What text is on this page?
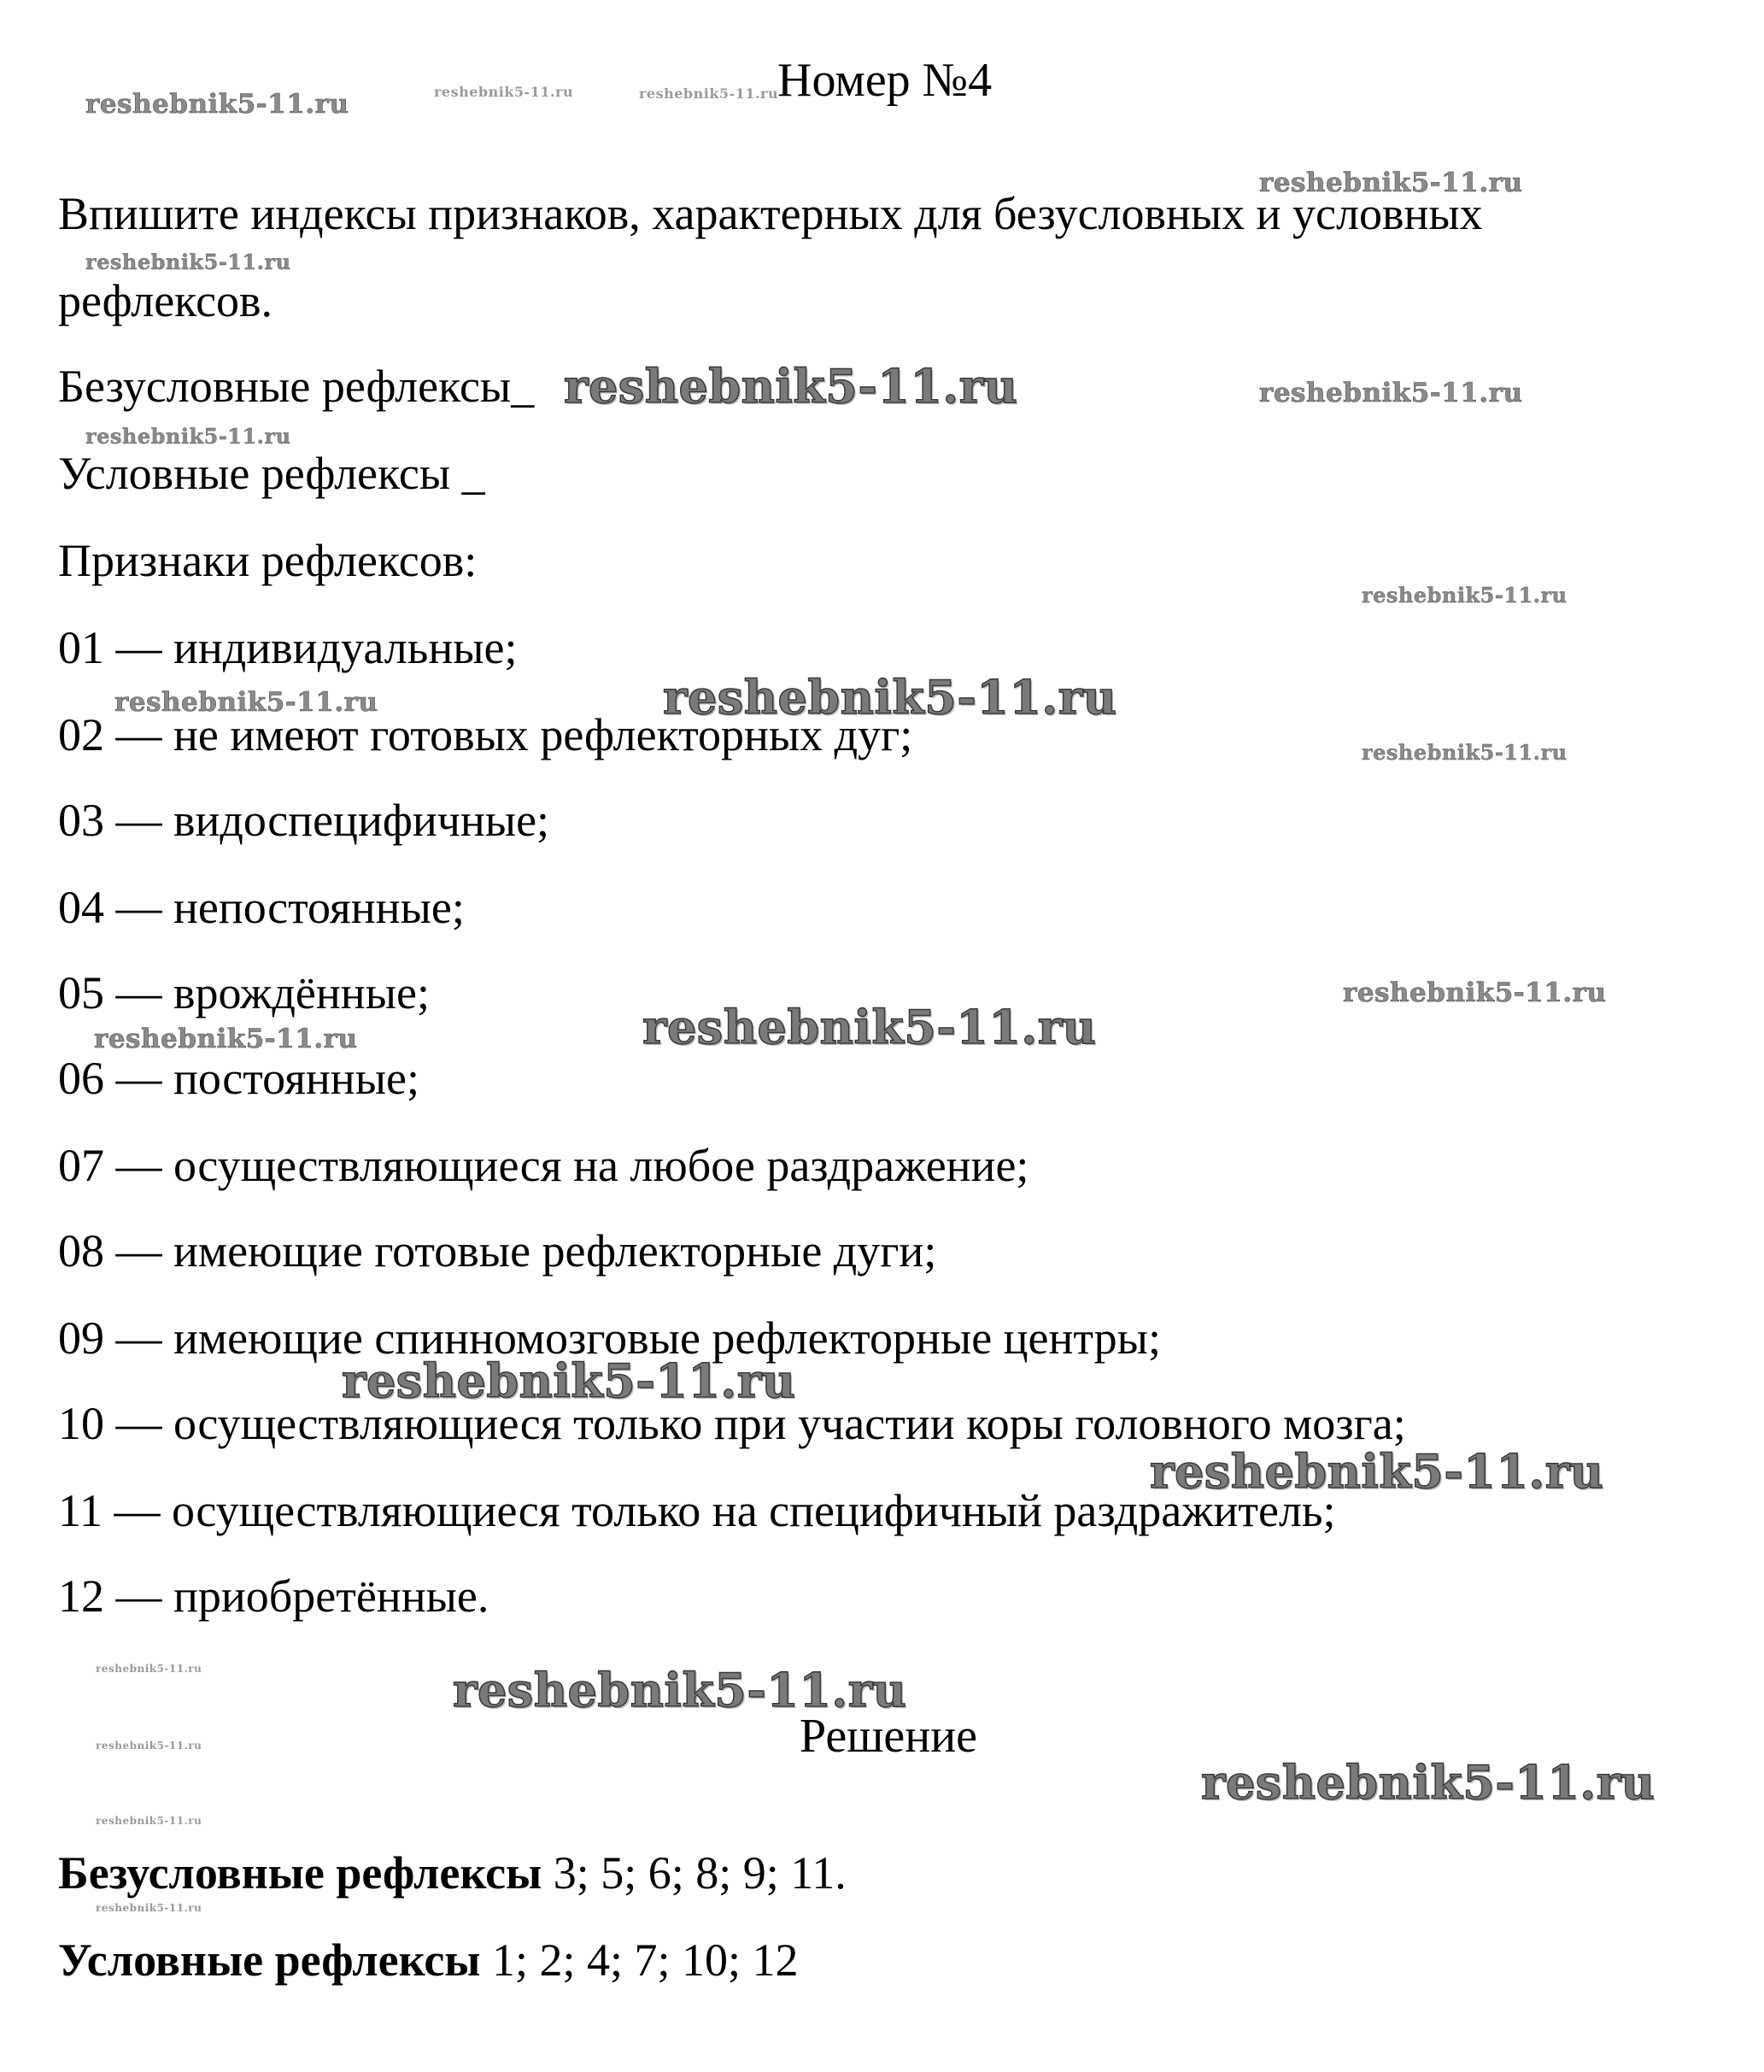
Номер №4
Впишите индексы признаков, характерных для безусловных и условных
рефлексов.
Безусловные рефлексы_
Условные рефлексы _
Признаки рефлексов:
01 — индивидуальные;
02 — не имеют готовых рефлекторных дуг;
03 — видоспецифичные;
04 — непостоянные;
05 — врождённые;
06 — постоянные;
07 — осуществляющиеся на любое раздражение;
08 — имеющие готовые рефлекторные дуги;
09 — имеющие спинномозговые рефлекторные центры;
10 — осуществляющиеся только при участии коры головного мозга;
11 — осуществляющиеся только на специфичный раздражитель;
12 — приобретённые.
Решение
Безусловные рефлексы 3; 5; 6; 8; 9; 11.
Условные рефлексы 1; 2; 4; 7; 10; 12
reshebnik5-11.ru	reshebnik5-11.ru	reshebnik5-11.ru
reshebnik5-11.ru
reshebnik5-11.ru
reshebnik5-11.ru	reshebnik5-11.ru
reshebnik5-11.ru
reshebnik5-11.ru
reshebnik5-11.ru	reshebnik5-11.ru
reshebnik5-11.ru
reshebnik5-11.ru
reshebnik5-11.ru	reshebnik5-11.ru
reshebnik5-11.ru
reshebnik5-11.ru
reshebnik5-11.ru	reshebnik5-11.ru
reshebnik5-11.ru
reshebnik5-11.ru
reshebnik5-11.ru
reshebnik5-11.ru
